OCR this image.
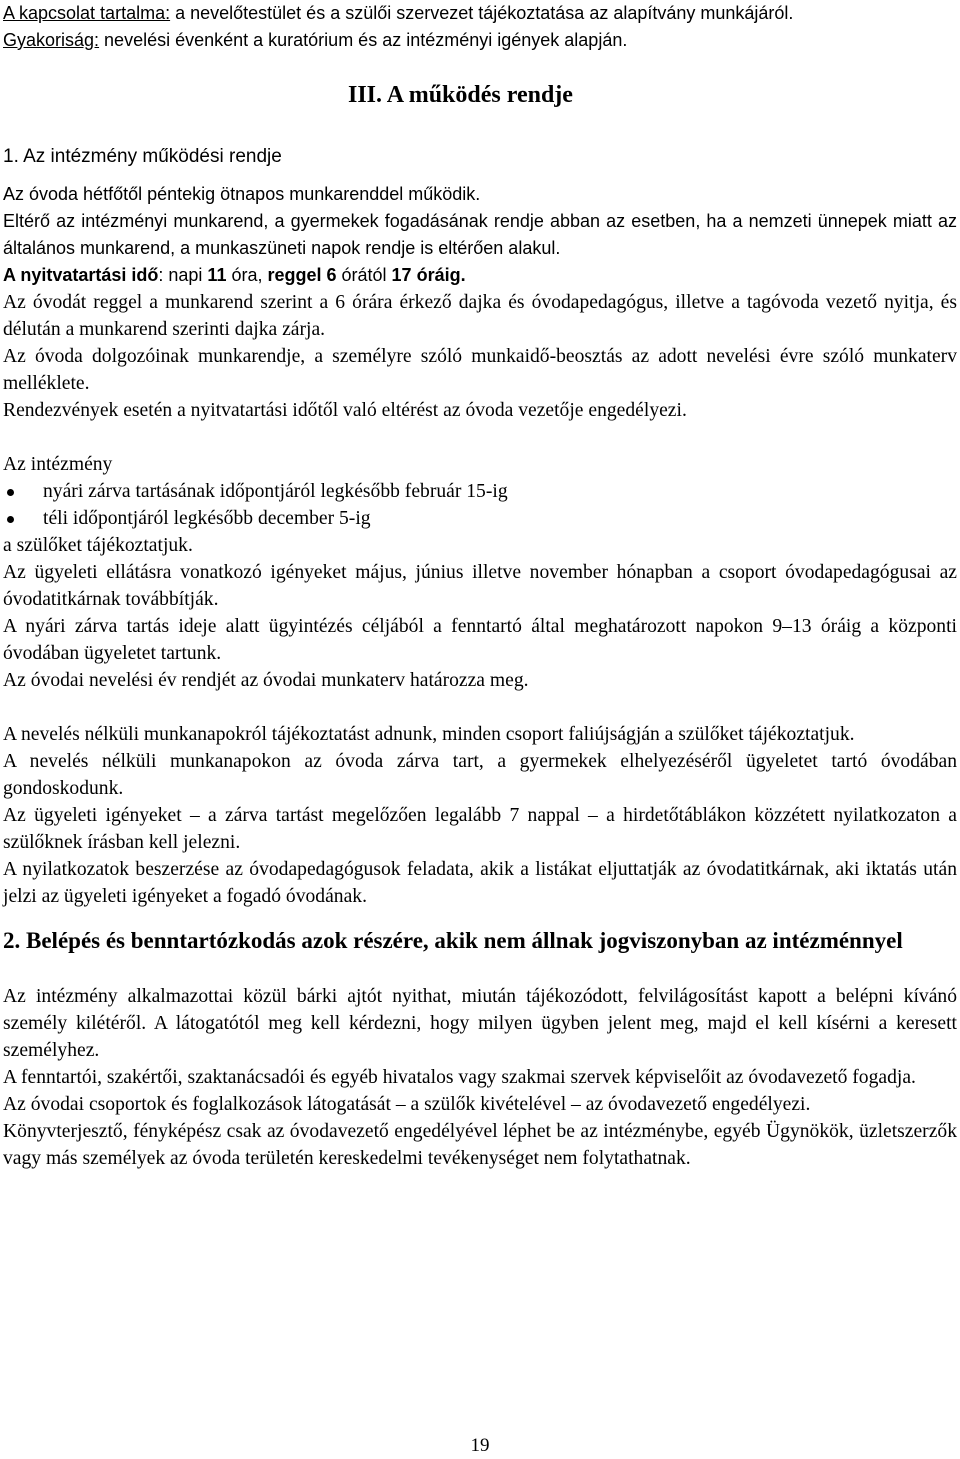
A kapcsolat tartalma: a nevelőtestület és a szülői szervezet tájékoztatása az alapítvány munkájáról.

Gyakoriság: nevelési évenként a kuratórium és az intézményi igények alapján.

III. A működés rendje
1. Az intézmény működési rendje

Az óvoda hétfőtől péntekig ötnapos munkarenddel működik.

Eltérő az intézményi munkarend, a gyermekek fogadásának rendje abban az esetben, ha a nemzeti ünnepek miatt az általános munkarend, a munkaszüneti napok rendje is eltérően alakul.

A nyitvatartási idő: napi 11 óra, reggel 6 órától 17 óráig.

Az óvodát reggel a munkarend szerint a 6 órára érkező dajka és óvodapedagógus, illetve a tagóvoda vezető nyitja, és délután a munkarend szerinti dajka zárja.

Az óvoda dolgozóinak munkarendje, a személyre szóló munkaidő-beosztás az adott nevelési évre szóló munkaterv melléklete.

Rendezvények esetén a nyitvatartási időtől való eltérést az óvoda vezetője engedélyezi.

Az intézmény

nyári zárva tartásának időpontjáról legkésőbb február 15-ig

téli időpontjáról legkésőbb december 5-ig

a szülőket tájékoztatjuk.

Az ügyeleti ellátásra vonatkozó igényeket május, június illetve november hónapban a csoport óvodapedagógusai az óvodatitkárnak továbbítják.

A nyári zárva tartás ideje alatt ügyintézés céljából a fenntartó által meghatározott napokon 9–13 óráig a központi óvodában ügyeletet tartunk.

Az óvodai nevelési év rendjét az óvodai munkaterv határozza meg.

A nevelés nélküli munkanapokról tájékoztatást adnunk, minden csoport faliújságján a szülőket tájékoztatjuk.

A nevelés nélküli munkanapokon az óvoda zárva tart, a gyermekek elhelyezéséről ügyeletet tartó óvodában gondoskodunk.

Az ügyeleti igényeket – a zárva tartást megelőzően legalább 7 nappal – a hirdetőtáblákon közzétett nyilatkozaton a szülőknek írásban kell jelezni.

A nyilatkozatok beszerzése az óvodapedagógusok feladata, akik a listákat eljuttatják az óvodatitkárnak, aki iktatás után jelzi az ügyeleti igényeket a fogadó óvodának.

2. Belépés és benntartózkodás azok részére, akik nem állnak jogviszonyban az intézménnyel

Az intézmény alkalmazottai közül bárki ajtót nyithat, miután tájékozódott, felvilágosítást kapott a belépni kívánó személy kilétéről. A látogatótól meg kell kérdezni, hogy milyen ügyben jelent meg, majd el kell kísérni a keresett személyhez.

A fenntartói, szakértői, szaktanácsadói és egyéb hivatalos vagy szakmai szervek képviselőit az óvodavezető fogadja.

Az óvodai csoportok és foglalkozások látogatását – a szülők kivételével – az óvodavezető engedélyezi.

Könyvterjesztő, fényképész csak az óvodavezető engedélyével léphet be az intézménybe, egyéb Ügynökök, üzletszerzők vagy más személyek az óvoda területén kereskedelmi tevékenységet nem folytathatnak.

19
